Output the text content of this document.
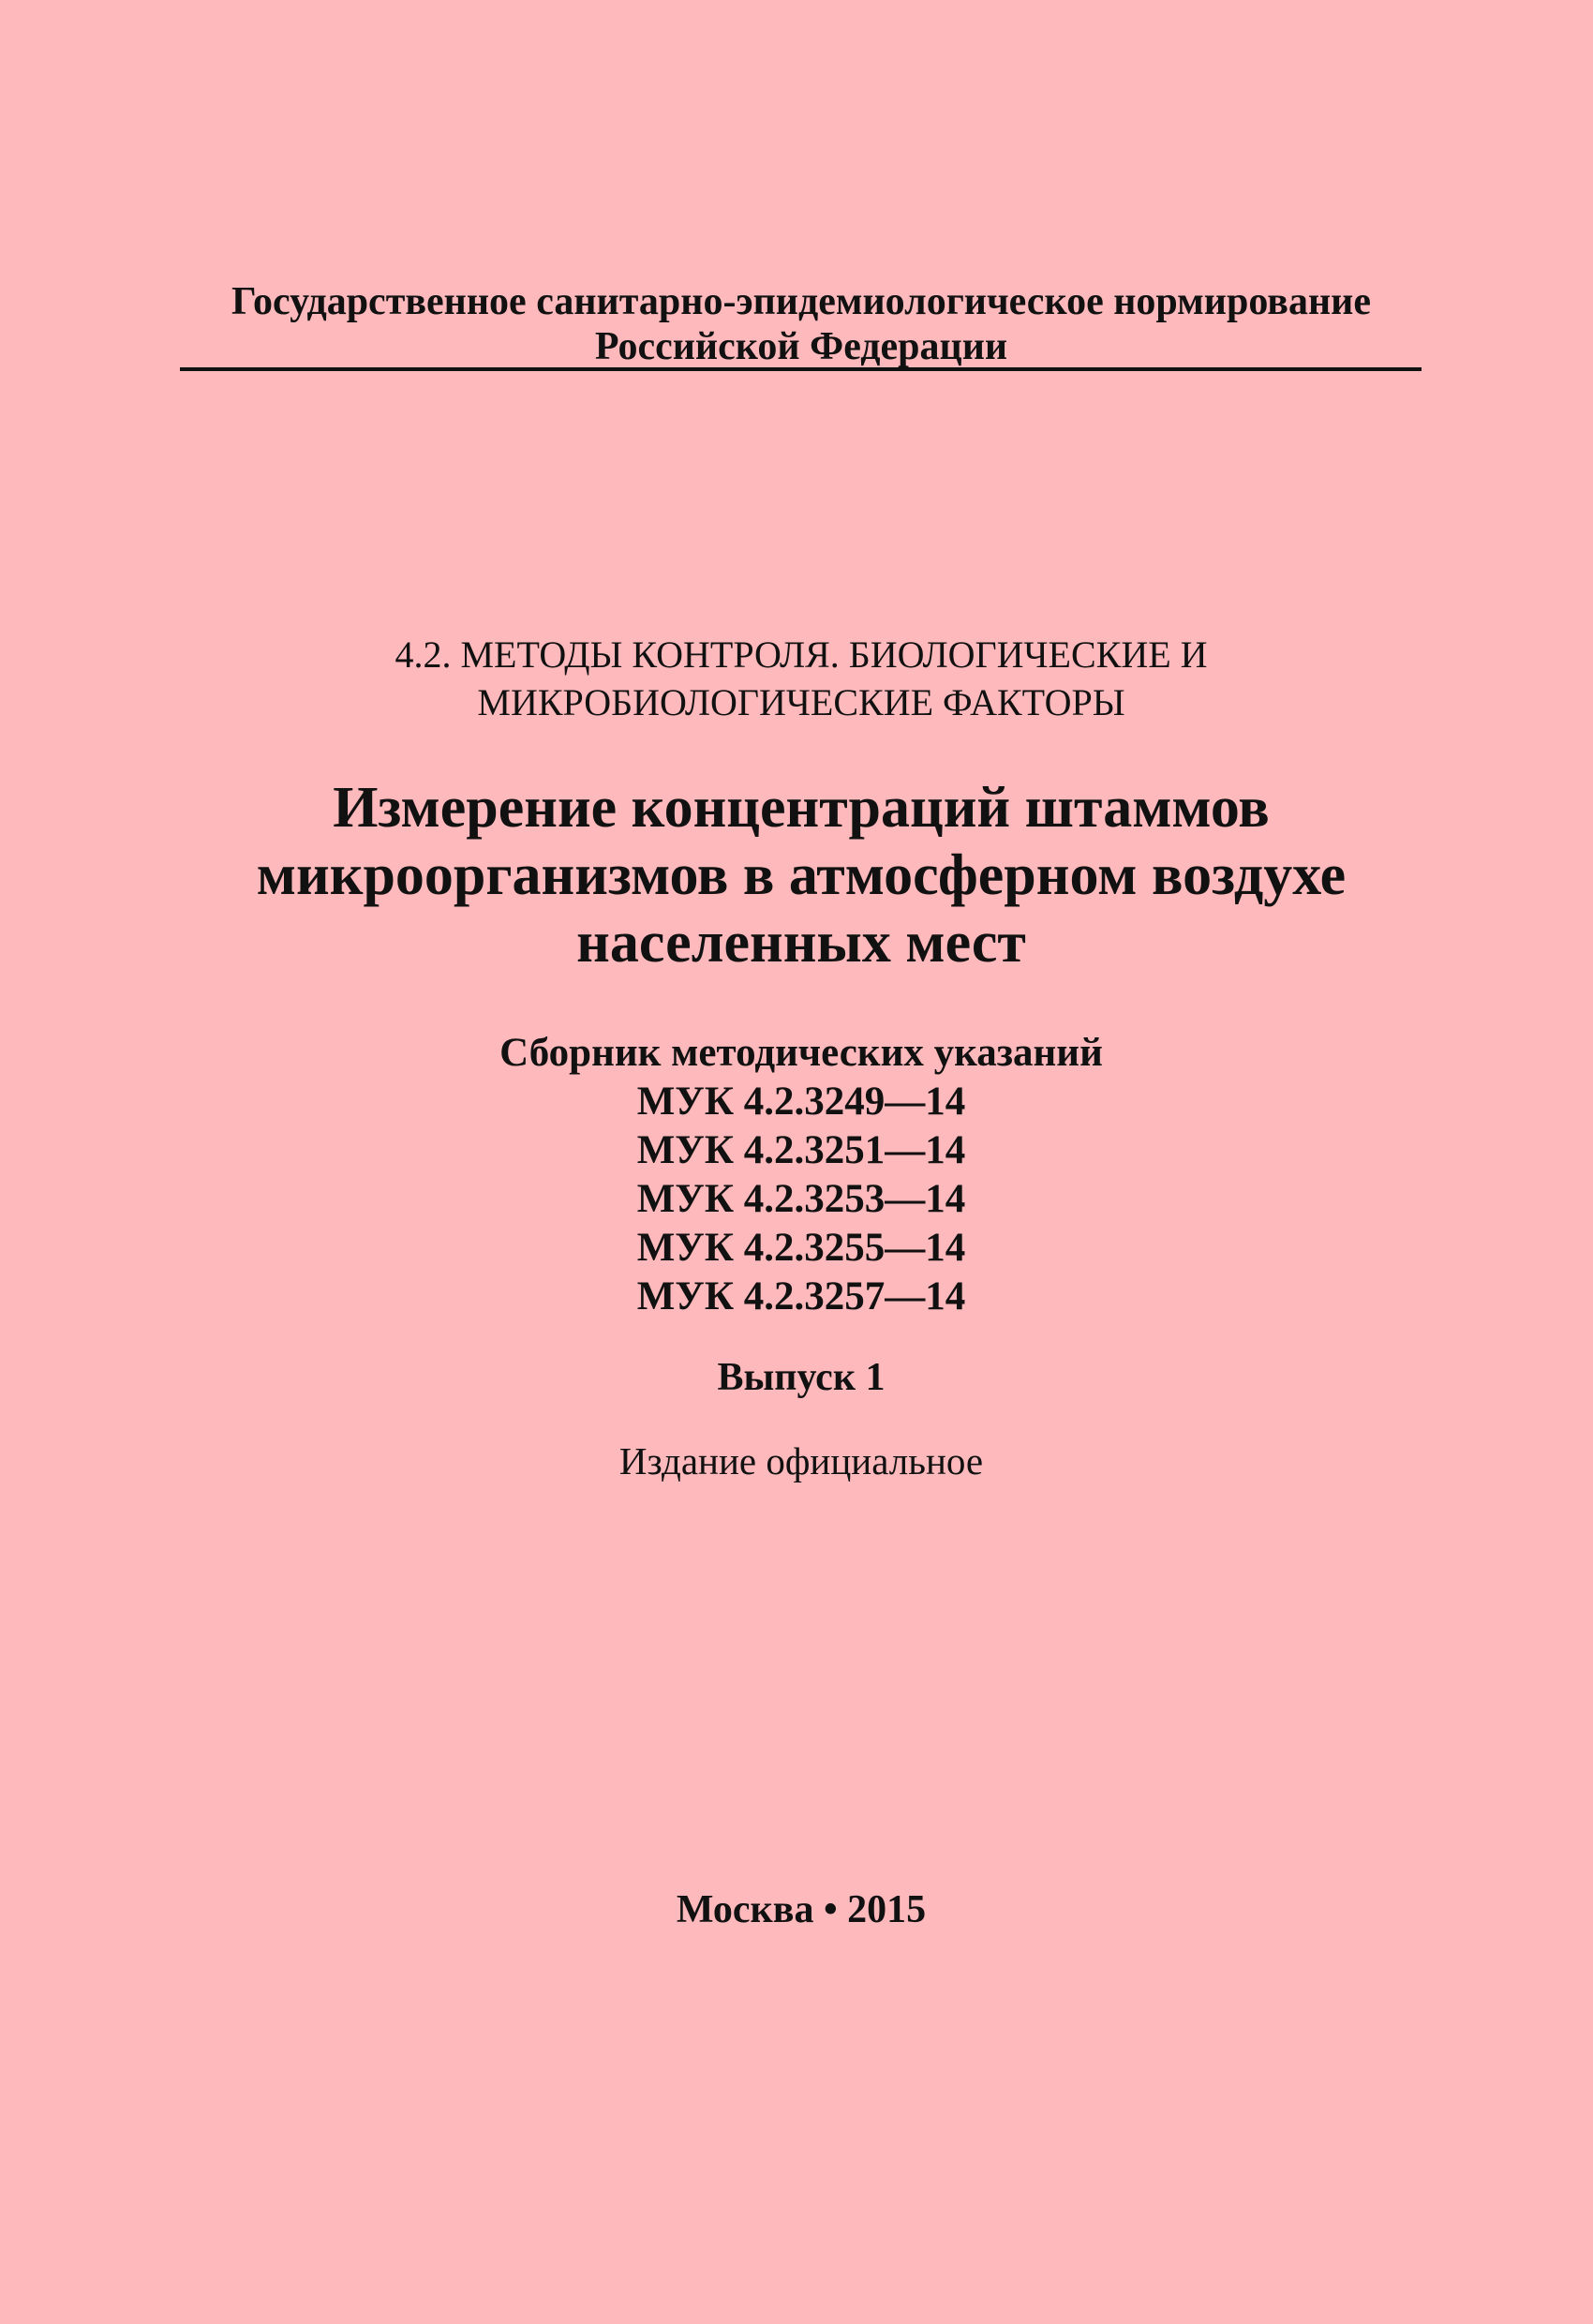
Государственное санитарно-эпидемиологическое нормирование
Российской Федерации
4.2. МЕТОДЫ КОНТРОЛЯ. БИОЛОГИЧЕСКИЕ И
МИКРОБИОЛОГИЧЕСКИЕ ФАКТОРЫ
Измерение концентраций штаммов
микроорганизмов в атмосферном воздухе
населенных мест
Сборник методических указаний
МУК 4.2.3249—14
МУК 4.2.3251—14
МУК 4.2.3253—14
МУК 4.2.3255—14
МУК 4.2.3257—14
Выпуск 1
Издание официальное
Москва • 2015
